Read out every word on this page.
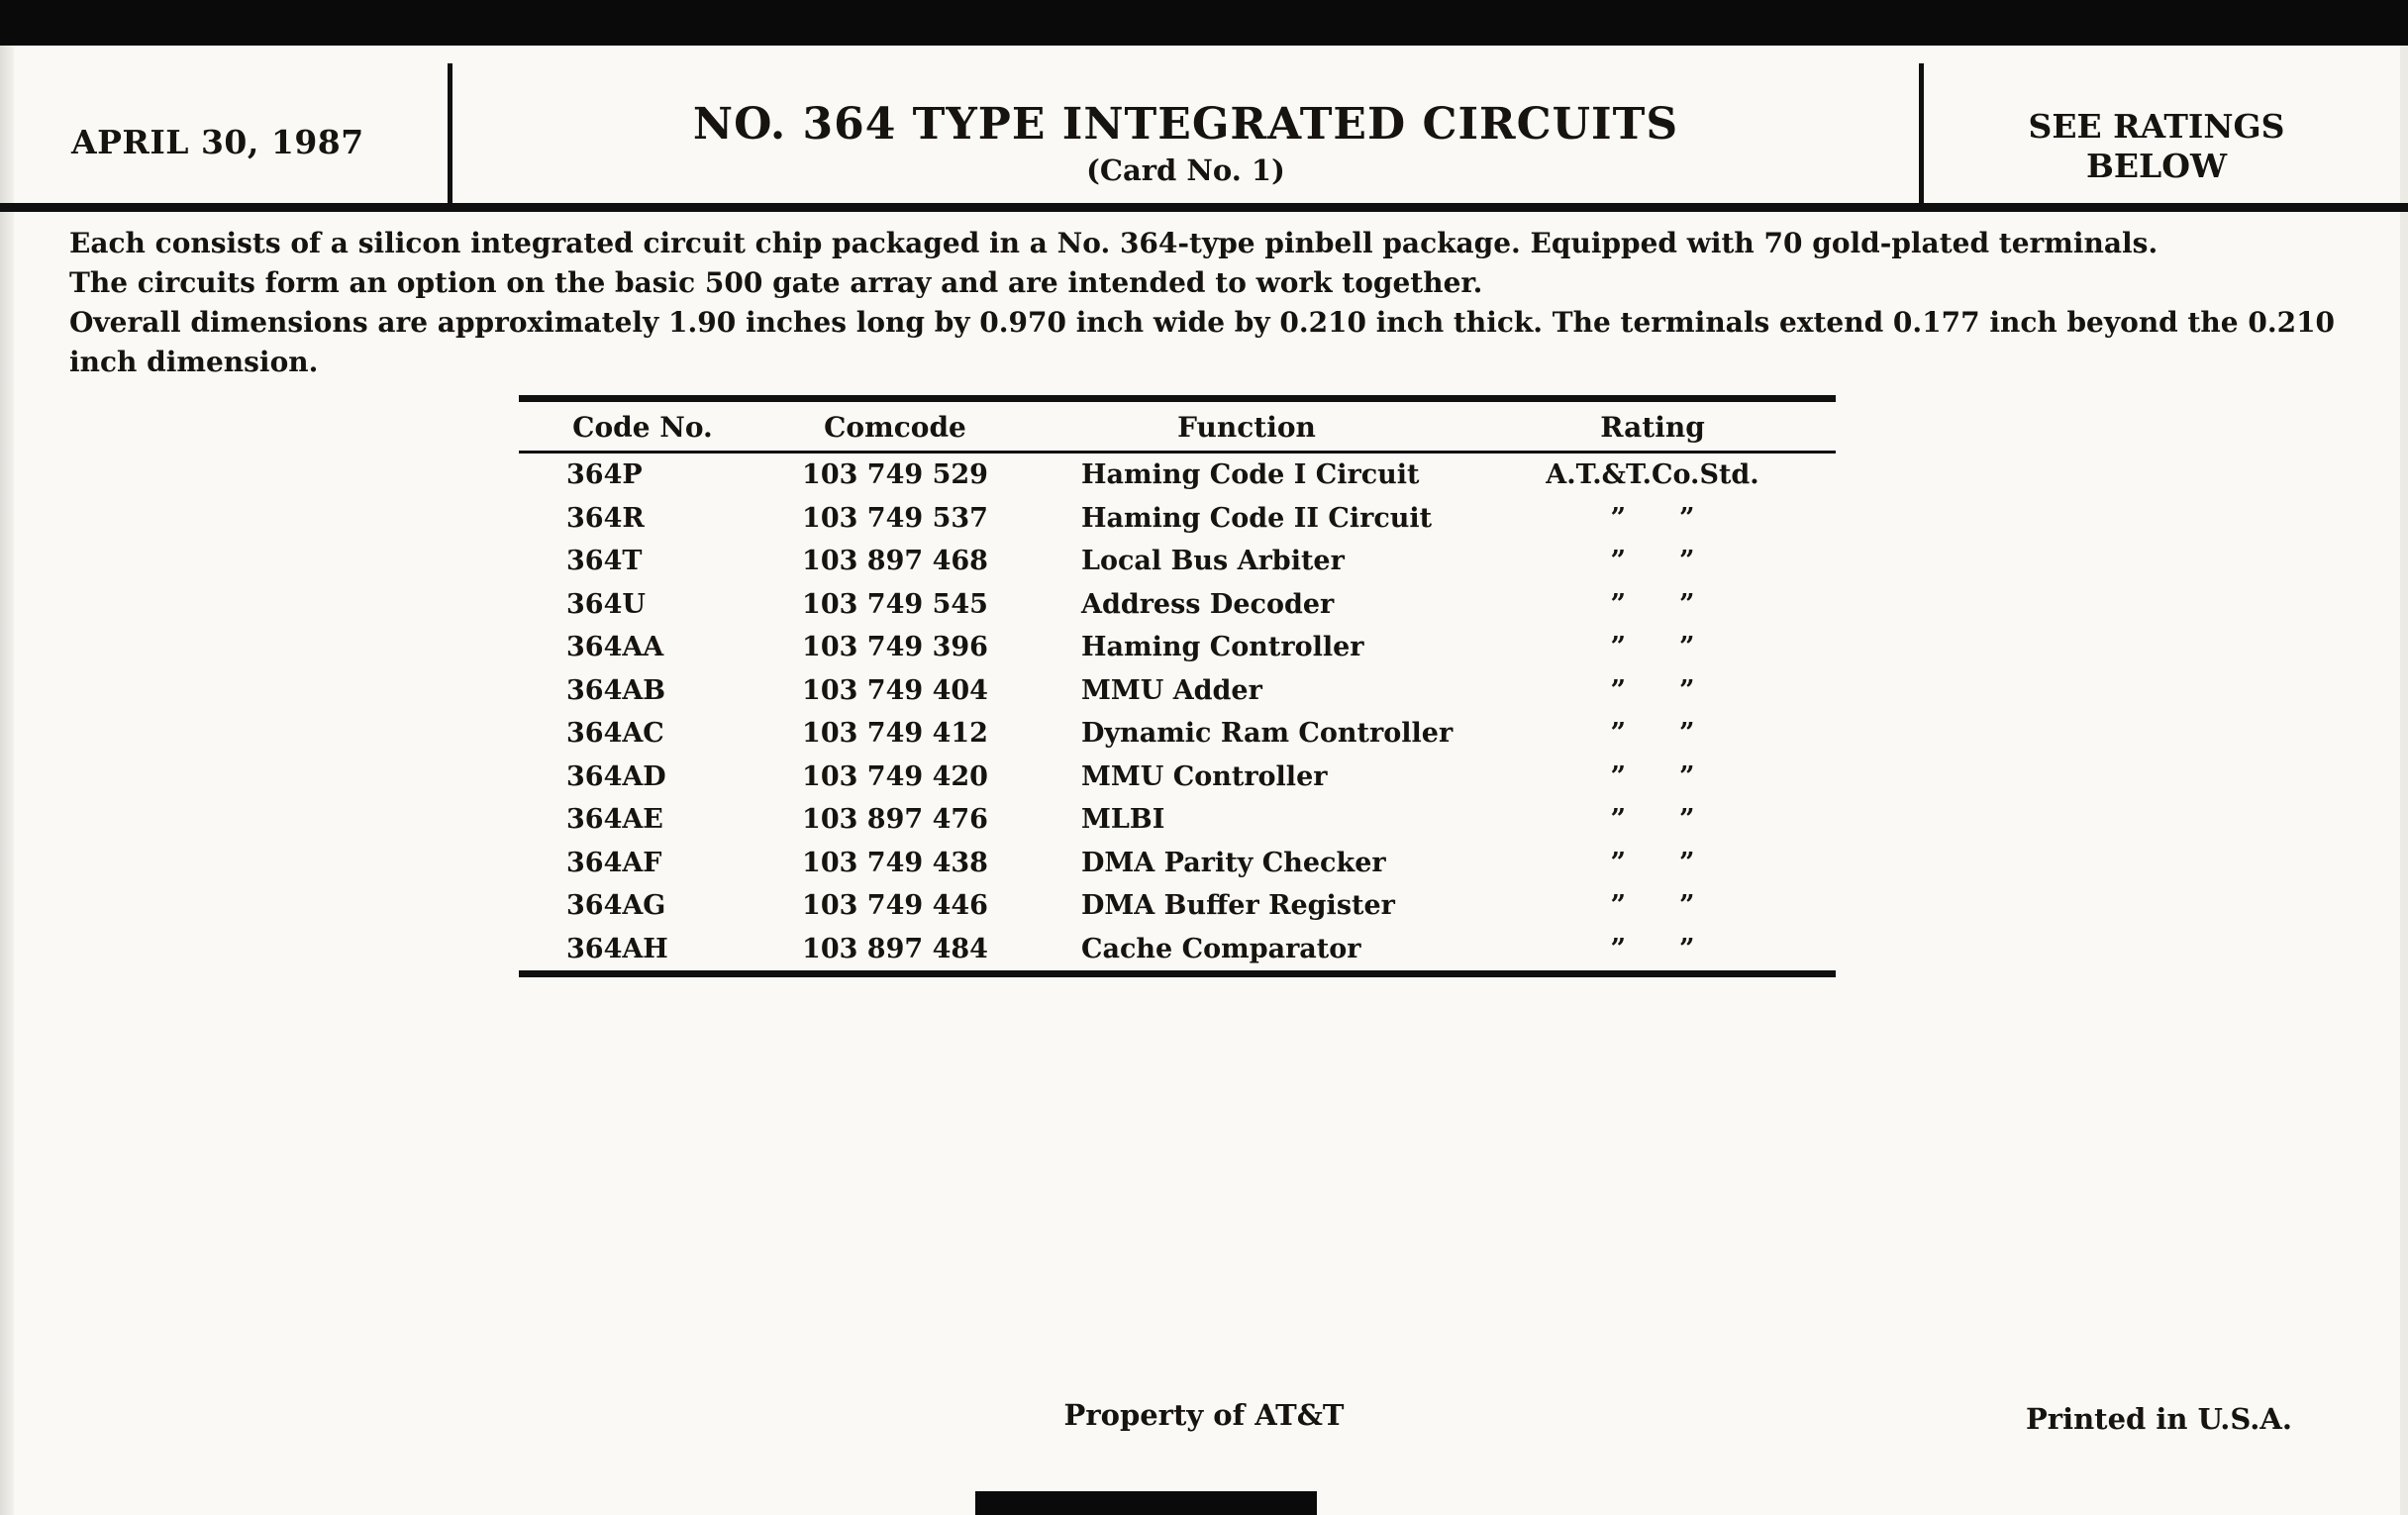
APRIL 30, 1987	NO. 364 TYPE INTEGRATED CIRCUITS
(Card No. 1)
SEE RATINGS
BELOW
Each consists of a silicon integrated circuit chip packaged in a No. 364-type pinbell package. Equipped with 70 gold-plated terminals.
The circuits form an option on the basic 500 gate array and are intended to work together.
Overall dimensions are approximately 1.90 inches long by 0.970 inch wide by 0.210 inch thick. The terminals extend 0.177 inch beyond the 0.210 inch dimension.
Code No.	Comcode	Function	Rating
364P	103 749 529	Haming Code I Circuit	A.T.&T.Co.Std.
364R	103 749 537	Haming Code II Circuit	”  ”
364T	103 897 468	Local Bus Arbiter	”  ”
364U	103 749 545	Address Decoder	”  ”
364AA	103 749 396	Haming Controller	”  ”
364AB	103 749 404	MMU Adder	”  ”
364AC	103 749 412	Dynamic Ram Controller	”  ”
364AD	103 749 420	MMU Controller	”  ”
364AE	103 897 476	MLBI	”  ”
364AF	103 749 438	DMA Parity Checker	”  ”
364AG	103 749 446	DMA Buffer Register	”  ”
364AH	103 897 484	Cache Comparator	”  ”
Property of AT&T	Printed in U.S.A.
